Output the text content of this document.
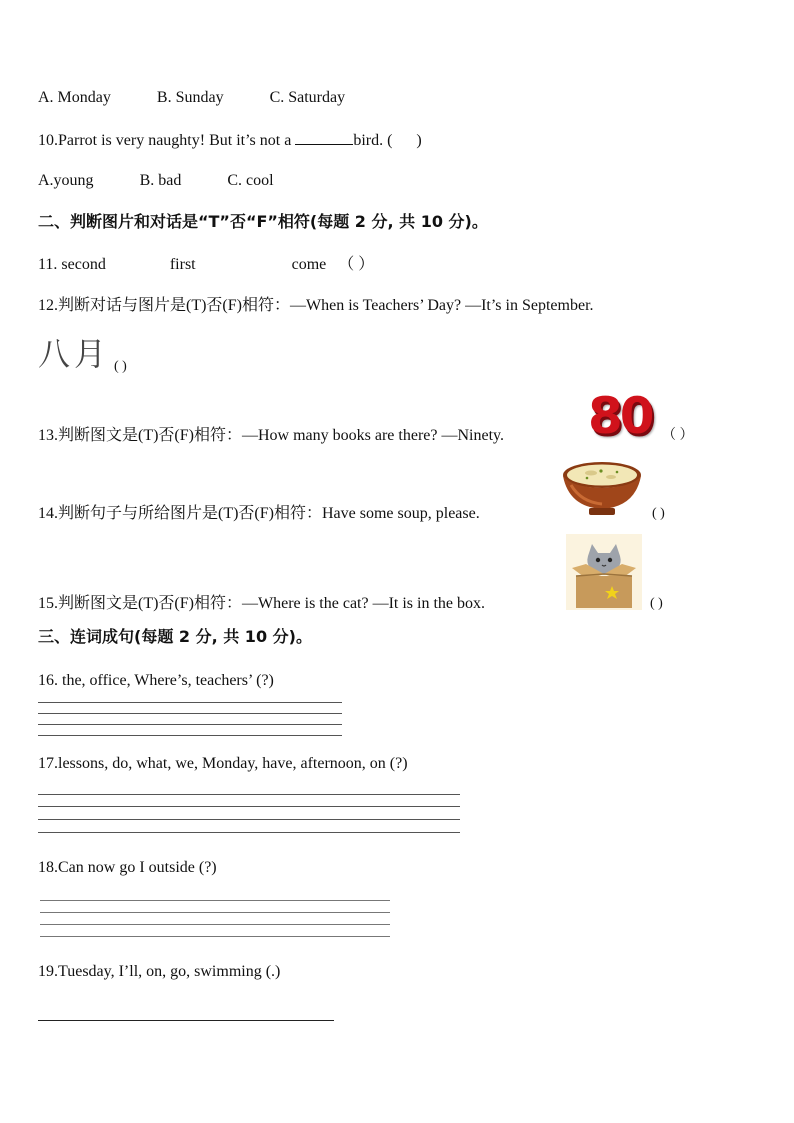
A. Monday	B. Sunday	C. Saturday
10.Parrot is very naughty! But it’s not a	bird. ( )
A.young	B. bad	C. cool
二、判断图片和对话是“T”否“F”相符(每题 2 分, 共 10 分)。
11. second	first	come （ ）
12.判断对话与图片是(T)否(F)相符：—When is Teachers’ Day? —It’s in September.
八月 ( )
13.判断图文是(T)否(F)相符：—How many books are there? —Ninety. 80 （ ）
14.判断句子与所给图片是(T)否(F)相符：Have some soup, please.	( )
15.判断图文是(T)否(F)相符：—Where is the cat? —It is in the box.	( )
三、连词成句(每题 2 分, 共 10 分)。
16. the, office, Where’s, teachers’ (?)
17.lessons, do, what, we, Monday, have, afternoon, on (?)
18.Can now go I outside (?)
19.Tuesday, I’ll, on, go, swimming (.)
